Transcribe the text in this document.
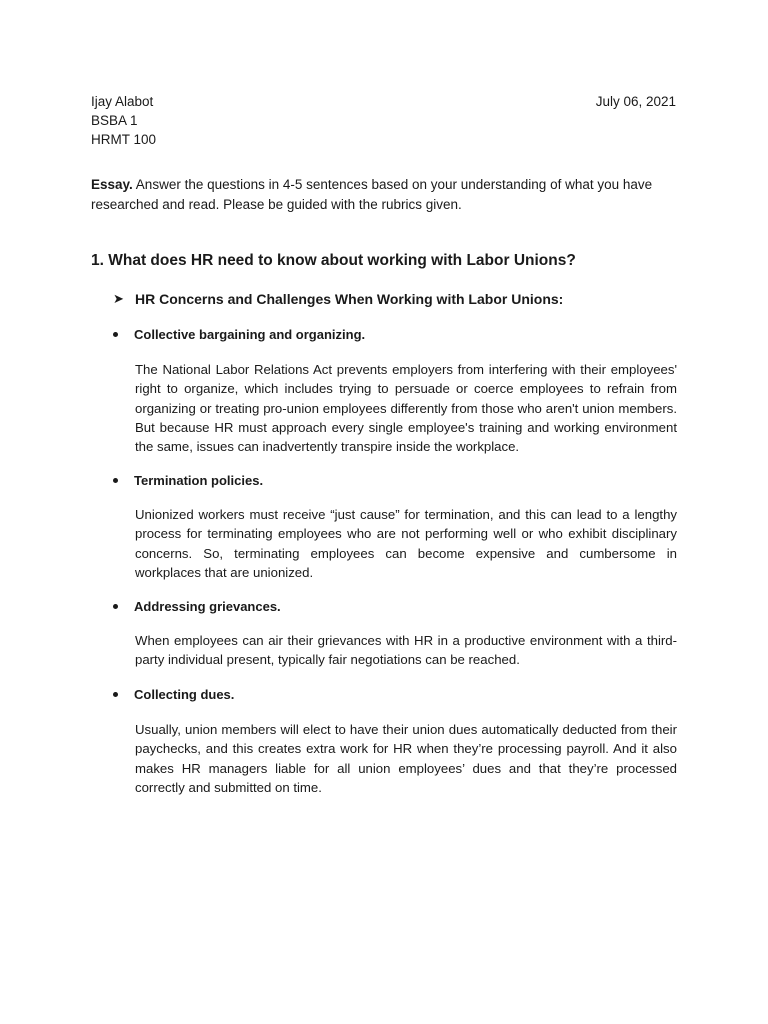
Ijay Alabot
BSBA 1
HRMT 100
July 06, 2021
Essay. Answer the questions in 4-5 sentences based on your understanding of what you have researched and read. Please be guided with the rubrics given.
1. What does HR need to know about working with Labor Unions?
➤ HR Concerns and Challenges When Working with Labor Unions:
Collective bargaining and organizing.
The National Labor Relations Act prevents employers from interfering with their employees' right to organize, which includes trying to persuade or coerce employees to refrain from organizing or treating pro-union employees differently from those who aren't union members. But because HR must approach every single employee's training and working environment the same, issues can inadvertently transpire inside the workplace.
Termination policies.
Unionized workers must receive “just cause” for termination, and this can lead to a lengthy process for terminating employees who are not performing well or who exhibit disciplinary concerns. So, terminating employees can become expensive and cumbersome in workplaces that are unionized.
Addressing grievances.
When employees can air their grievances with HR in a productive environment with a third-party individual present, typically fair negotiations can be reached.
Collecting dues.
Usually, union members will elect to have their union dues automatically deducted from their paychecks, and this creates extra work for HR when they’re processing payroll. And it also makes HR managers liable for all union employees’ dues and that they’re processed correctly and submitted on time.
